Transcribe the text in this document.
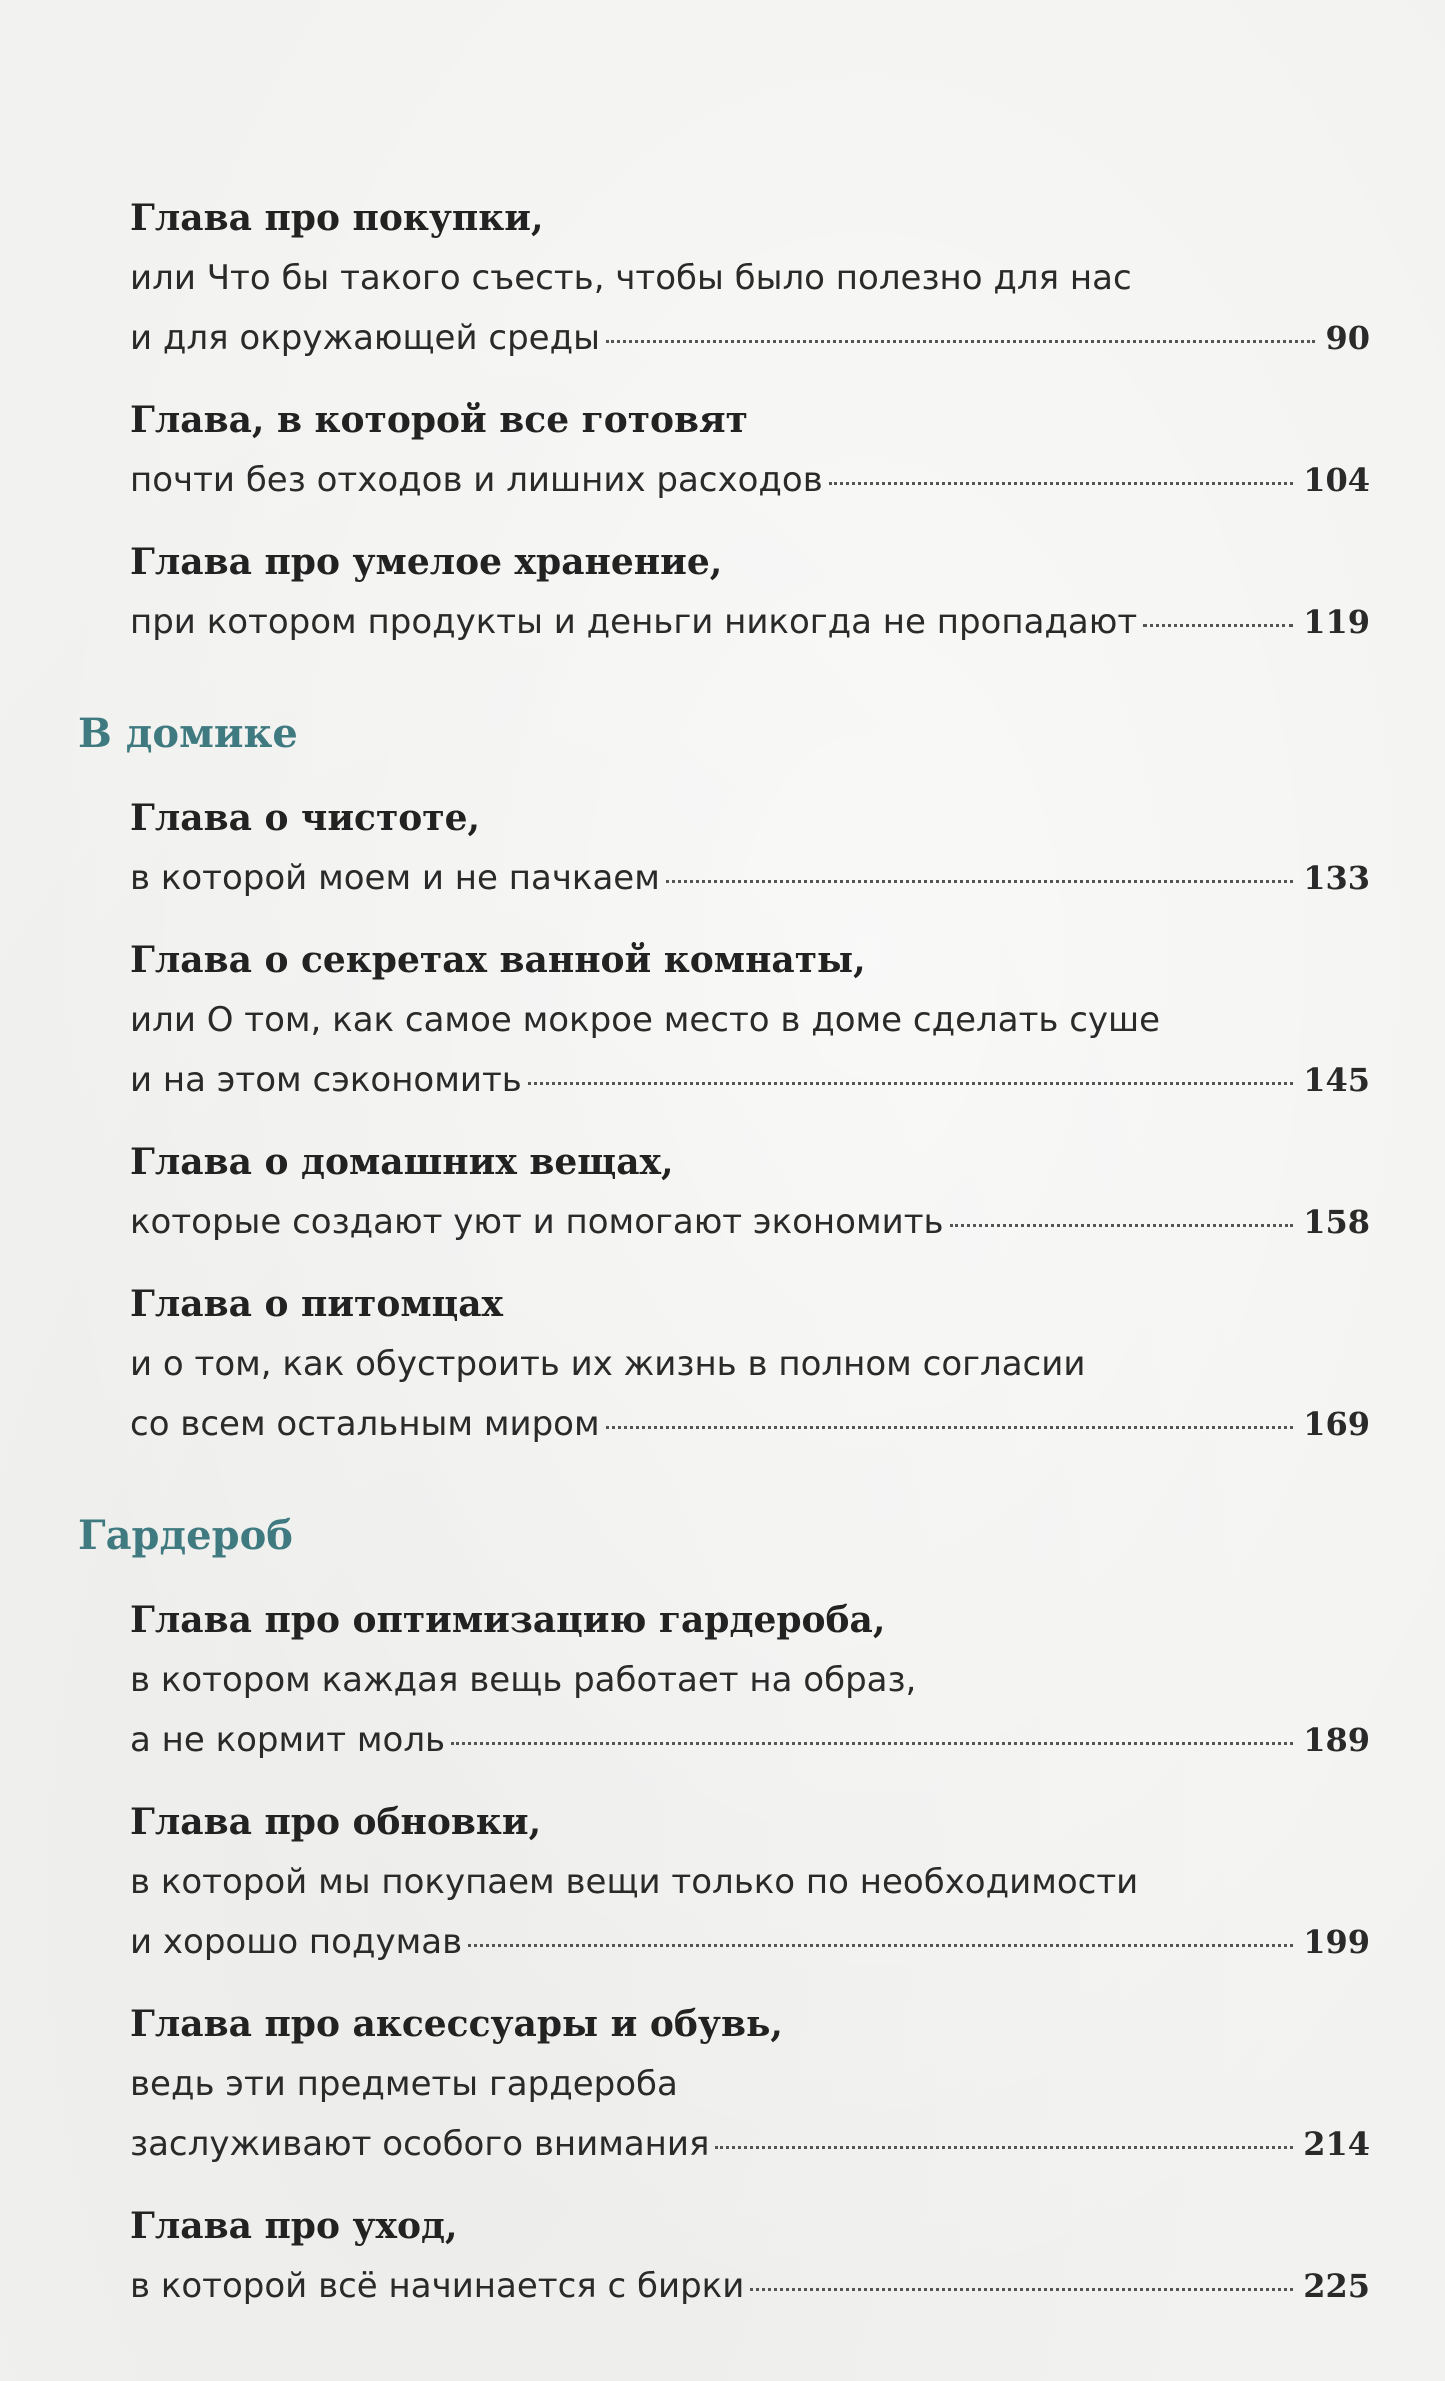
Глава про покупки,
или Что бы такого съесть, чтобы было полезно для нас
и для окружающей среды	90
Глава, в которой все готовят
почти без отходов и лишних расходов	104
Глава про умелое хранение,
при котором продукты и деньги никогда не пропадают	119
В домике
Глава о чистоте,
в которой моем и не пачкаем	133
Глава о секретах ванной комнаты,
или О том, как самое мокрое место в доме сделать суше
и на этом сэкономить	145
Глава о домашних вещах,
которые создают уют и помогают экономить	158
Глава о питомцах
и о том, как обустроить их жизнь в полном согласии
со всем остальным миром	169
Гардероб
Глава про оптимизацию гардероба,
в котором каждая вещь работает на образ,
а не кормит моль	189
Глава про обновки,
в которой мы покупаем вещи только по необходимости
и хорошо подумав	199
Глава про аксессуары и обувь,
ведь эти предметы гардероба
заслуживают особого внимания	214
Глава про уход,
в которой всё начинается с бирки	225
